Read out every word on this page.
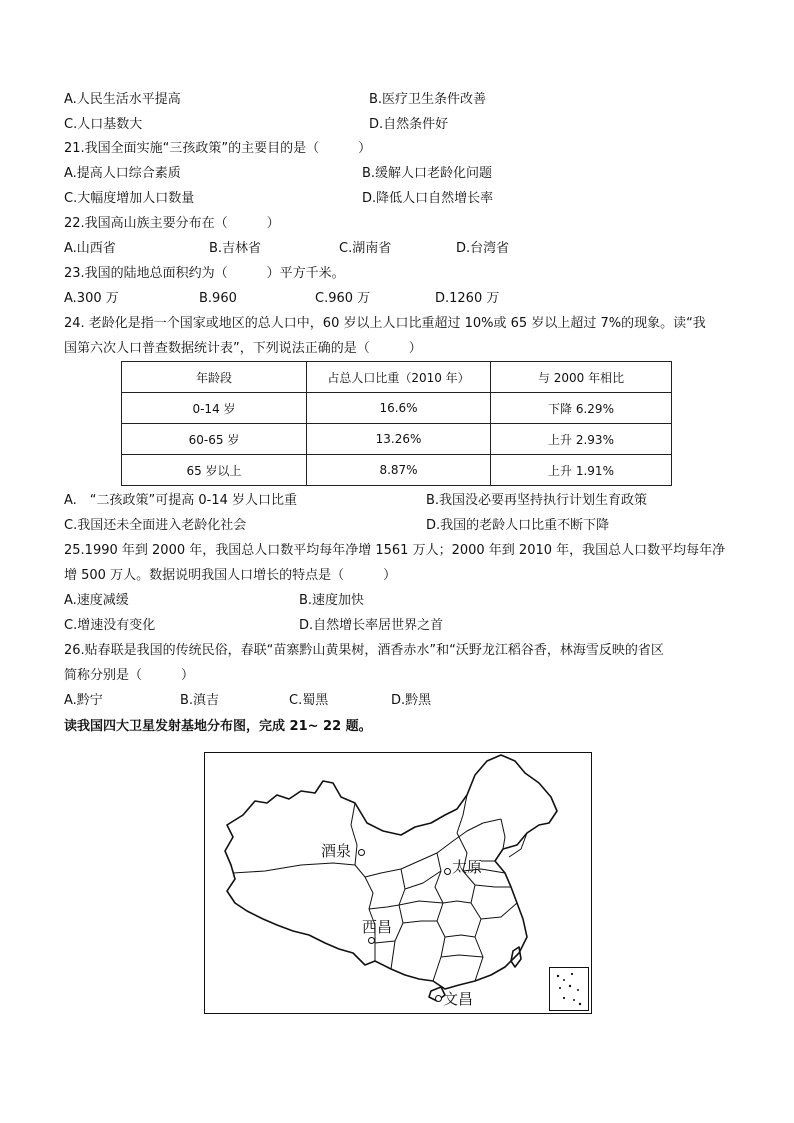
A.人民生活水平提高	B.医疗卫生条件改善
C.人口基数大	D.自然条件好
21.我国全面实施“三孩政策”的主要目的是（　　　）
A.提高人口综合素质	B.缓解人口老龄化问题
C.大幅度增加人口数量	D.降低人口自然增长率
22.我国高山族主要分布在（　　　）
A.山西省	B.吉林省	C.湖南省	D.台湾省
23.我国的陆地总面积约为（　　　）平方千米。
A.300 万	B.960	C.960 万	D.1260 万
24. 老龄化是指一个国家或地区的总人口中，60 岁以上人口比重超过 10%或 65 岁以上超过 7%的现象。读“我
国第六次人口普查数据统计表”，下列说法正确的是（　　　）
年龄段	占总人口比重（2010 年）	与 2000 年相比
0-14 岁	16.6%	下降 6.29%
60-65 岁	13.26%	上升 2.93%
65 岁以上	8.87%	上升 1.91%
A.　“二孩政策”可提高 0-14 岁人口比重	B.我国没必要再坚持执行计划生育政策
C.我国还未全面进入老龄化社会	D.我国的老龄人口比重不断下降
25.1990 年到 2000 年，我国总人口数平均每年净增 1561 万人；2000 年到 2010 年，我国总人口数平均每年净
增 500 万人。数据说明我国人口增长的特点是（　　　）
A.速度减缓	B.速度加快
C.增速没有变化	D.自然增长率居世界之首
26.贴春联是我国的传统民俗，春联“苗寨黔山黄果树，酒香赤水”和“沃野龙江稻谷香，林海雪反映的省区
简称分别是（　　　）
A.黔宁	B.滇吉	C.蜀黑	D.黔黑
读我国四大卫星发射基地分布图，完成 21~ 22 题。
酒泉
太原
西昌
文昌
